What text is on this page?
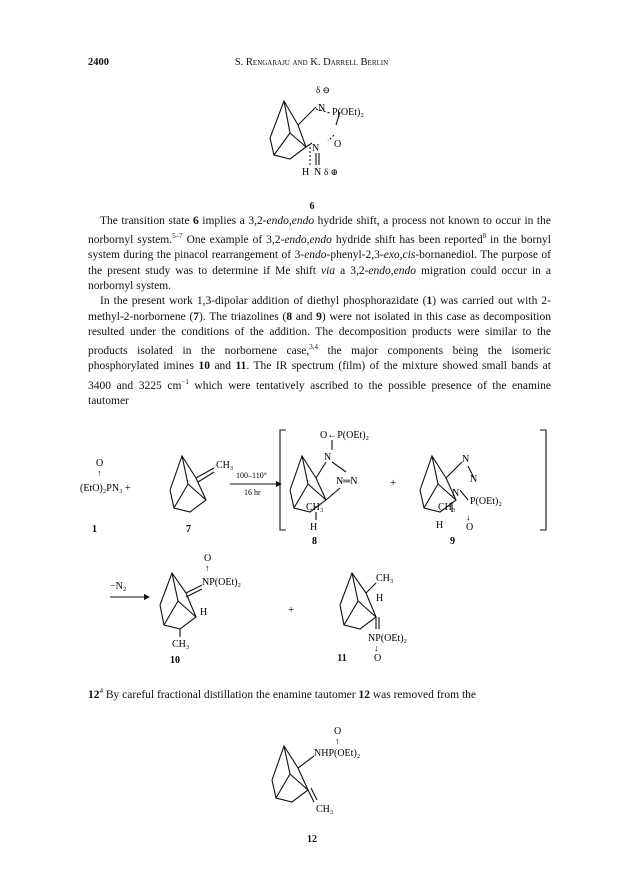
2400	S. Rengaraju and K. Darrell Berlin
δ ⊖
N P(OEt)₂
N O
H N δ ⊕
6

The transition state 6 implies a 3,2-endo,endo hydride shift, a process not known to occur in the norbornyl system.$^{5-7}$ One example of 3,2-endo,endo hydride shift has been reported$^8$ in the bornyl system during the pinacol rearrangement of 3-endo-phenyl-2,3-exo,cis-bornanediol. The purpose of the present study was to determine if Me shift via a 3,2-endo,endo migration could occur in a norbornyl system.

In the present work 1,3-dipolar addition of diethyl phosphorazidate (1) was carried out with 2-methyl-2-norbornene (7). The triazolines (8 and 9) were not isolated in this case as decomposition resulted under the conditions of the addition. The decomposition products were similar to the products isolated in the norbornene case,$^{3,4}$ the major components being the isomeric phosphorylated imines 10 and 11. The IR spectrum (film) of the mixture showed small bands at 3400 and 3225 $cm^{-1}$ which were tentatively ascribed to the possible presence of the enamine tautomer

O
↑
(EtO)₂PN₃ +
1
CH₃
7
100–110°
16 hr
O←P(OEt)₂
N
N═N
CH₃
H
8
+
N
N
N
P(OEt)₂
CH₃
H
↓
O
9
−N₂
O
↑
NP(OEt)₂
H
CH₃
10
+
CH₃
H
NP(OEt)₂
↓
O
11

$12^4$ By careful fractional distillation the enamine tautomer 12 was removed from the

O
↑
NHP(OEt)₂
CH₃
12
